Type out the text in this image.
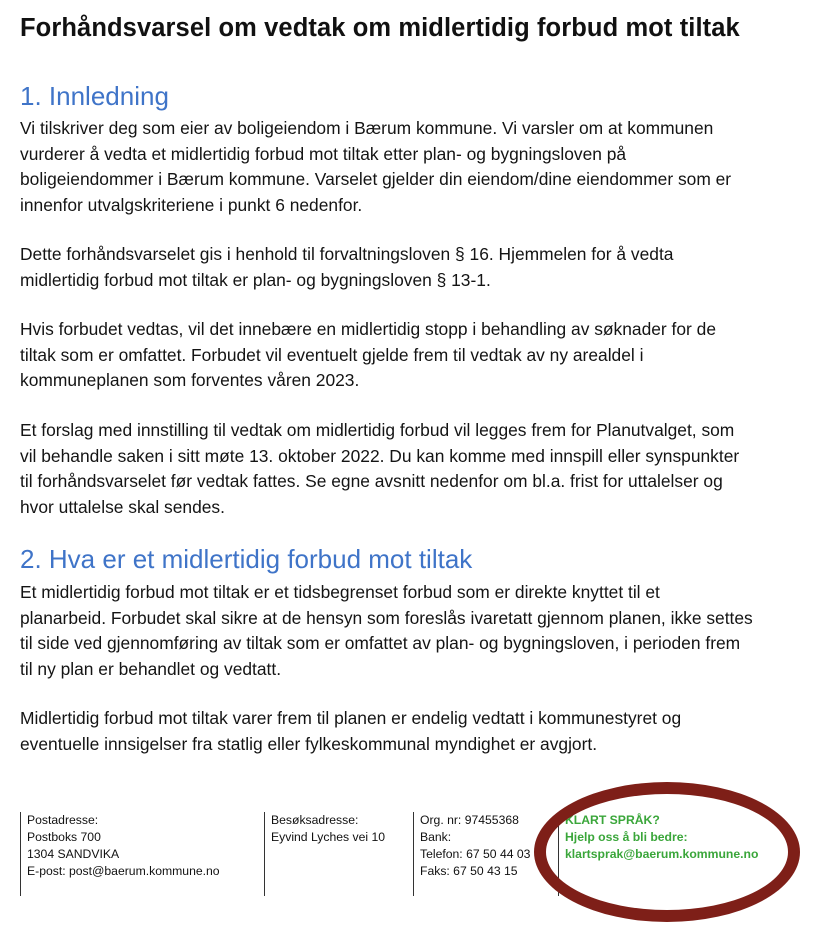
Forhåndsvarsel om vedtak om midlertidig forbud mot tiltak
1. Innledning

Vi tilskriver deg som eier av boligeiendom i Bærum kommune. Vi varsler om at kommunen
vurderer å vedta et midlertidig forbud mot tiltak etter plan- og bygningsloven på
boligeiendommer i Bærum kommune. Varselet gjelder din eiendom/dine eiendommer som er
innenfor utvalgskriteriene i punkt 6 nedenfor.

Dette forhåndsvarselet gis i henhold til forvaltningsloven § 16. Hjemmelen for å vedta
midlertidig forbud mot tiltak er plan- og bygningsloven § 13-1.

Hvis forbudet vedtas, vil det innebære en midlertidig stopp i behandling av søknader for de
tiltak som er omfattet. Forbudet vil eventuelt gjelde frem til vedtak av ny arealdel i
kommuneplanen som forventes våren 2023.

Et forslag med innstilling til vedtak om midlertidig forbud vil legges frem for Planutvalget, som
vil behandle saken i sitt møte 13. oktober 2022. Du kan komme med innspill eller synspunkter
til forhåndsvarselet før vedtak fattes. Se egne avsnitt nedenfor om bl.a. frist for uttalelser og
hvor uttalelse skal sendes.

2. Hva er et midlertidig forbud mot tiltak

Et midlertidig forbud mot tiltak er et tidsbegrenset forbud som er direkte knyttet til et
planarbeid. Forbudet skal sikre at de hensyn som foreslås ivaretatt gjennom planen, ikke settes
til side ved gjennomføring av tiltak som er omfattet av plan- og bygningsloven, i perioden frem
til ny plan er behandlet og vedtatt.

Midlertidig forbud mot tiltak varer frem til planen er endelig vedtatt i kommunestyret og
eventuelle innsigelser fra statlig eller fylkeskommunal myndighet er avgjort.

Postadresse:
Postboks 700
1304 SANDVIKA
E-post: post@baerum.kommune.no
Besøksadresse:
Eyvind Lyches vei 10
Org. nr: 97455368
Bank:
Telefon: 67 50 44 03
Faks: 67 50 43 15
KLART SPRÅK?
Hjelp oss å bli bedre:
klartsprak@baerum.kommune.no
